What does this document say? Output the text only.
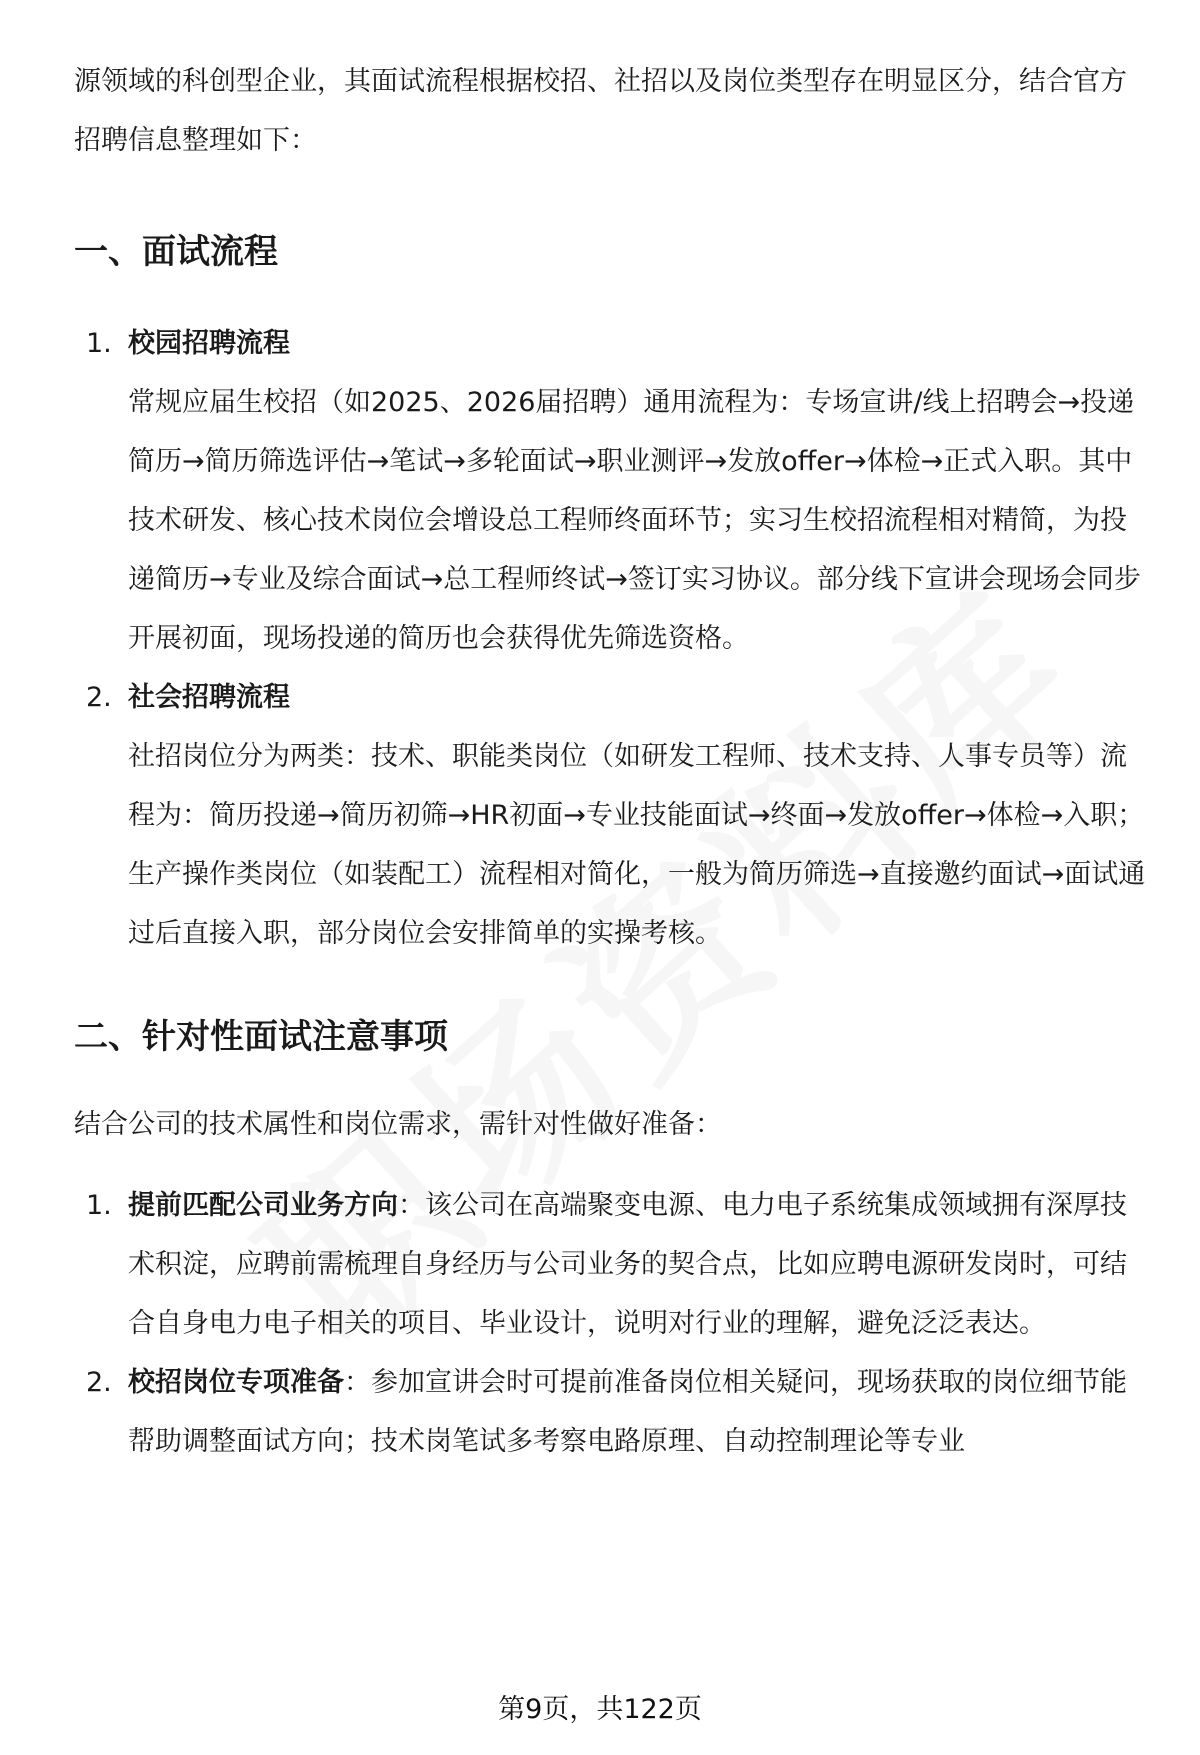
源领域的科创型企业，其面试流程根据校招、社招以及岗位类型存在明显区分，结合官方招聘信息整理如下：

一、面试流程
1. 校园招聘流程
常规应届生校招（如2025、2026届招聘）通用流程为：专场宣讲/线上招聘会→投递简历→简历筛选评估→笔试→多轮面试→职业测评→发放offer→体检→正式入职。其中技术研发、核心技术岗位会增设总工程师终面环节；实习生校招流程相对精简，为投递简历→专业及综合面试→总工程师终试→签订实习协议。部分线下宣讲会现场会同步开展初面，现场投递的简历也会获得优先筛选资格。
2. 社会招聘流程
社招岗位分为两类：技术、职能类岗位（如研发工程师、技术支持、人事专员等）流程为：简历投递→简历初筛→HR初面→专业技能面试→终面→发放offer→体检→入职；生产操作类岗位（如装配工）流程相对简化，一般为简历筛选→直接邀约面试→面试通过后直接入职，部分岗位会安排简单的实操考核。
二、针对性面试注意事项

结合公司的技术属性和岗位需求，需针对性做好准备：

1. 提前匹配公司业务方向：该公司在高端聚变电源、电力电子系统集成领域拥有深厚技术积淀，应聘前需梳理自身经历与公司业务的契合点，比如应聘电源研发岗时，可结合自身电力电子相关的项目、毕业设计，说明对行业的理解，避免泛泛表达。
2. 校招岗位专项准备：参加宣讲会时可提前准备岗位相关疑问，现场获取的岗位细节能帮助调整面试方向；技术岗笔试多考察电路原理、自动控制理论等专业
第9页，共122页
